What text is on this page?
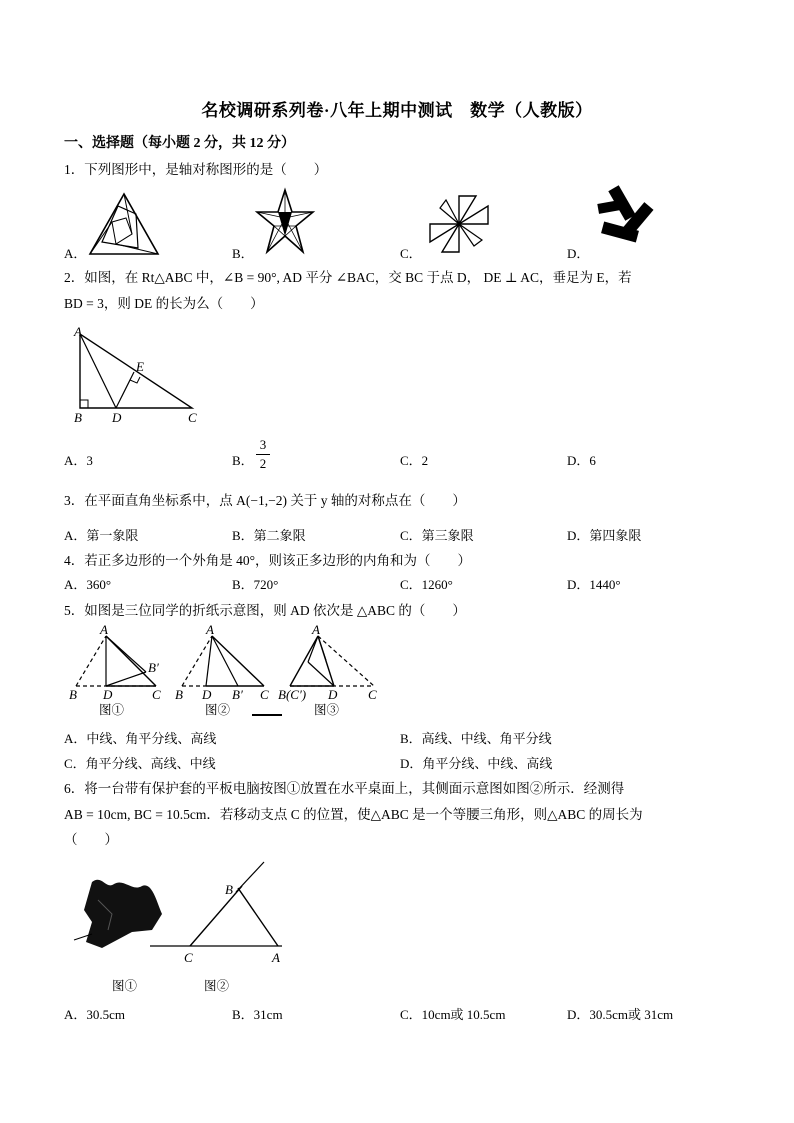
名校调研系列卷·八年上期中测试　数学（人教版）
一、选择题（每小题 2 分，共 12 分）
1．下列图形中，是轴对称图形的是（　　）
A．	B．	C．	D．
2．如图，在 Rt△ABC 中，∠B = 90°, AD 平分 ∠BAC，交 BC 于点 D， DE ⊥ AC，垂足为 E，若
BD = 3，则 DE 的长为么（　　）
A
E
B D	C
A．3	B．
3
2	C．2	D．6
3．在平面直角坐标系中，点 A(−1,−2) 关于 y 轴的对称点在（　　）
A．第一象限	B．第二象限	C．第三象限	D．第四象限
4．若正多边形的一个外角是 40°，则该正多边形的内角和为（　　）
A．360°	B．720°	C．1260°	D．1440°
5．如图是三位同学的折纸示意图，则 AD 依次是 △ABC 的（　　）
A
B′
B D	C
图①
A
B D B′ C
图②
A
B(C′) D C
图③
A．中线、角平分线、高线	B．高线、中线、角平分线
C．角平分线、高线、中线	D．角平分线、中线、高线
6．将一台带有保护套的平板电脑按图①放置在水平桌面上，其侧面示意图如图②所示．经测得
AB = 10cm, BC = 10.5cm．若移动支点 C 的位置，使△ABC 是一个等腰三角形，则△ABC 的周长为
（　　）
B
C	A
图①	图②
A．30.5cm	B．31cm	C．10cm或 10.5cm	D．30.5cm或 31cm
